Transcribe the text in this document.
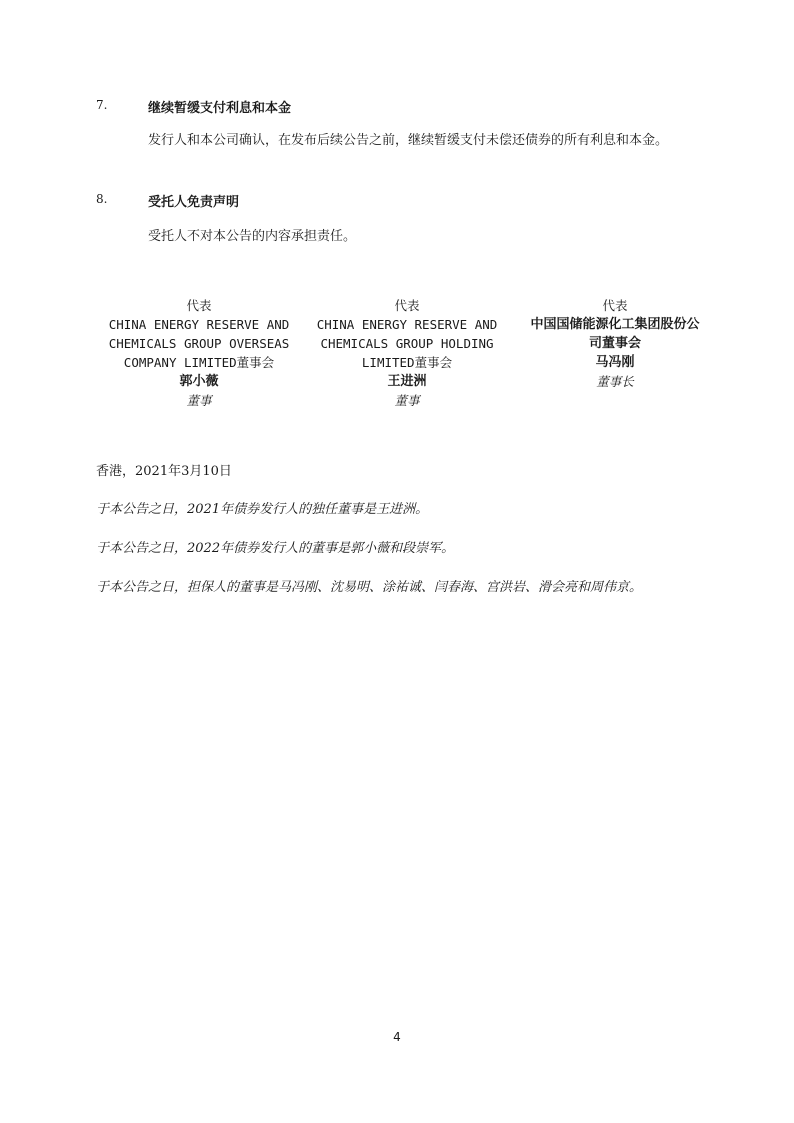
7.	继续暂缓支付利息和本金
发行人和本公司确认，在发布后续公告之前，继续暂缓支付未偿还债券的所有利息和本金。
8.	受托人免责声明
受托人不对本公告的内容承担责任。
代表
CHINA ENERGY RESERVE AND
CHEMICALS GROUP OVERSEAS
COMPANY LIMITED董事会
郭小薇
董事
代表
CHINA ENERGY RESERVE AND
CHEMICALS GROUP HOLDING
LIMITED董事会
王进洲
董事
代表
中国国储能源化工集团股份公
司董事会
马冯刚
董事长
香港，2021年3月10日
于本公告之日，2021年债券发行人的独任董事是王进洲。
于本公告之日，2022年债券发行人的董事是郭小薇和段崇军。
于本公告之日，担保人的董事是马冯刚、沈易明、涂祐诚、闫春海、宫洪岩、滑会亮和周伟京。
4
